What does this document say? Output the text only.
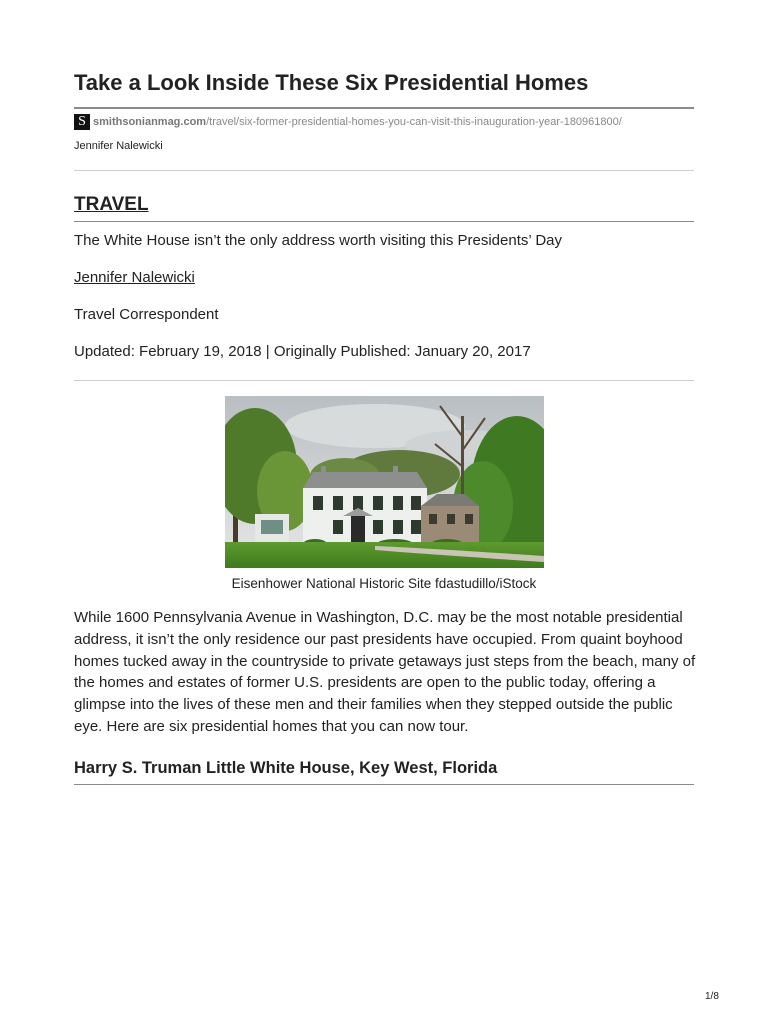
Take a Look Inside These Six Presidential Homes
S smithsonianmag.com /travel/six-former-presidential-homes-you-can-visit-this-inauguration-year-180961800/
Jennifer Nalewicki
TRAVEL
The White House isn’t the only address worth visiting this Presidents’ Day
Jennifer Nalewicki
Travel Correspondent
Updated: February 19, 2018 | Originally Published: January 20, 2017
Eisenhower National Historic Site fdastudillo/iStock

While 1600 Pennsylvania Avenue in Washington, D.C. may be the most notable presidential address, it isn’t the only residence our past presidents have occupied. From quaint boyhood homes tucked away in the countryside to private getaways just steps from the beach, many of the homes and estates of former U.S. presidents are open to the public today, offering a glimpse into the lives of these men and their families when they stepped outside the public eye. Here are six presidential homes that you can now tour.

Harry S. Truman Little White House, Key West, Florida
1/8
